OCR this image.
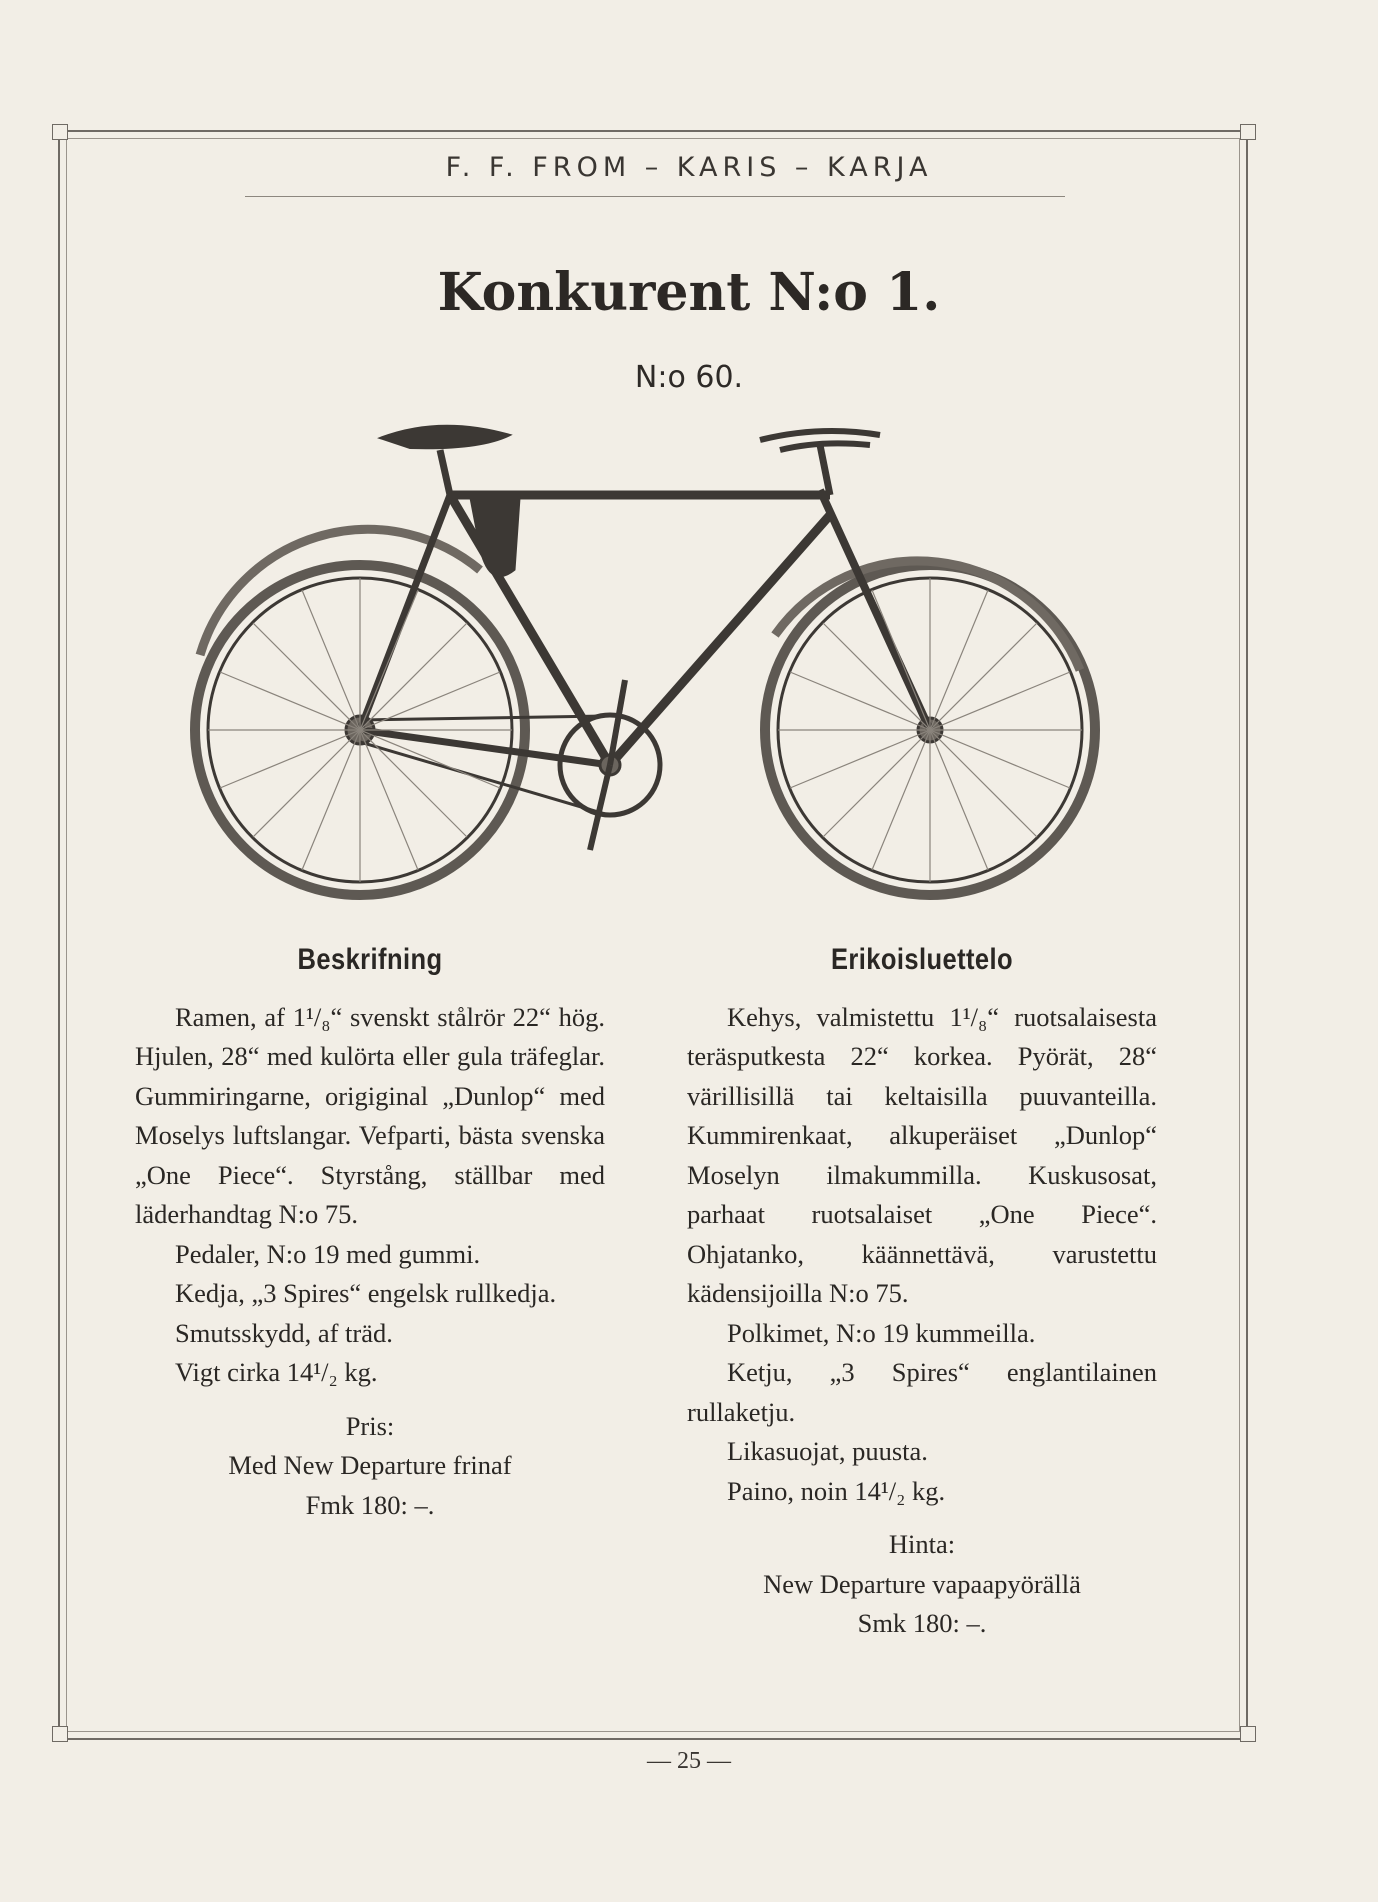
F. F. FROM – KARIS – KARJA
Konkurent N:o 1.
N:o 60.
Beskrifning

Ramen, af 1¹/₈“ svenskt stålrör 22“ hög. Hjulen, 28“ med kulörta eller gula träfeglar. Gummiringarne, origiginal „Dunlop“ med Moselys luftslangar. Vefparti, bästa svenska „One Piece“. Styrstång, ställbar med läderhandtag N:o 75.

Pedaler, N:o 19 med gummi.
Kedja, „3 Spires“ engelsk rullkedja.
Smutsskydd, af träd.
Vigt cirka 14¹/₂ kg.
Pris:
Med New Departure frinaf
Fmk 180: –.
Erikoisluettelo

Kehys, valmistettu 1¹/₈“ ruotsalaisesta teräsputkesta 22“ korkea. Pyörät, 28“ värillisillä tai keltaisilla puuvanteilla. Kummirenkaat, alkuperäiset „Dunlop“ Moselyn ilmakummilla. Kuskusosat, parhaat ruotsalaiset „One Piece“. Ohjatanko, käännettävä, varustettu kädensijoilla N:o 75.

Polkimet, N:o 19 kummeilla.

Ketju, „3 Spires“ englantilainen rullaketju.

Likasuojat, puusta.
Paino, noin 14¹/₂ kg.
Hinta:
New Departure vapaapyörällä
Smk 180: –.
— 25 —
